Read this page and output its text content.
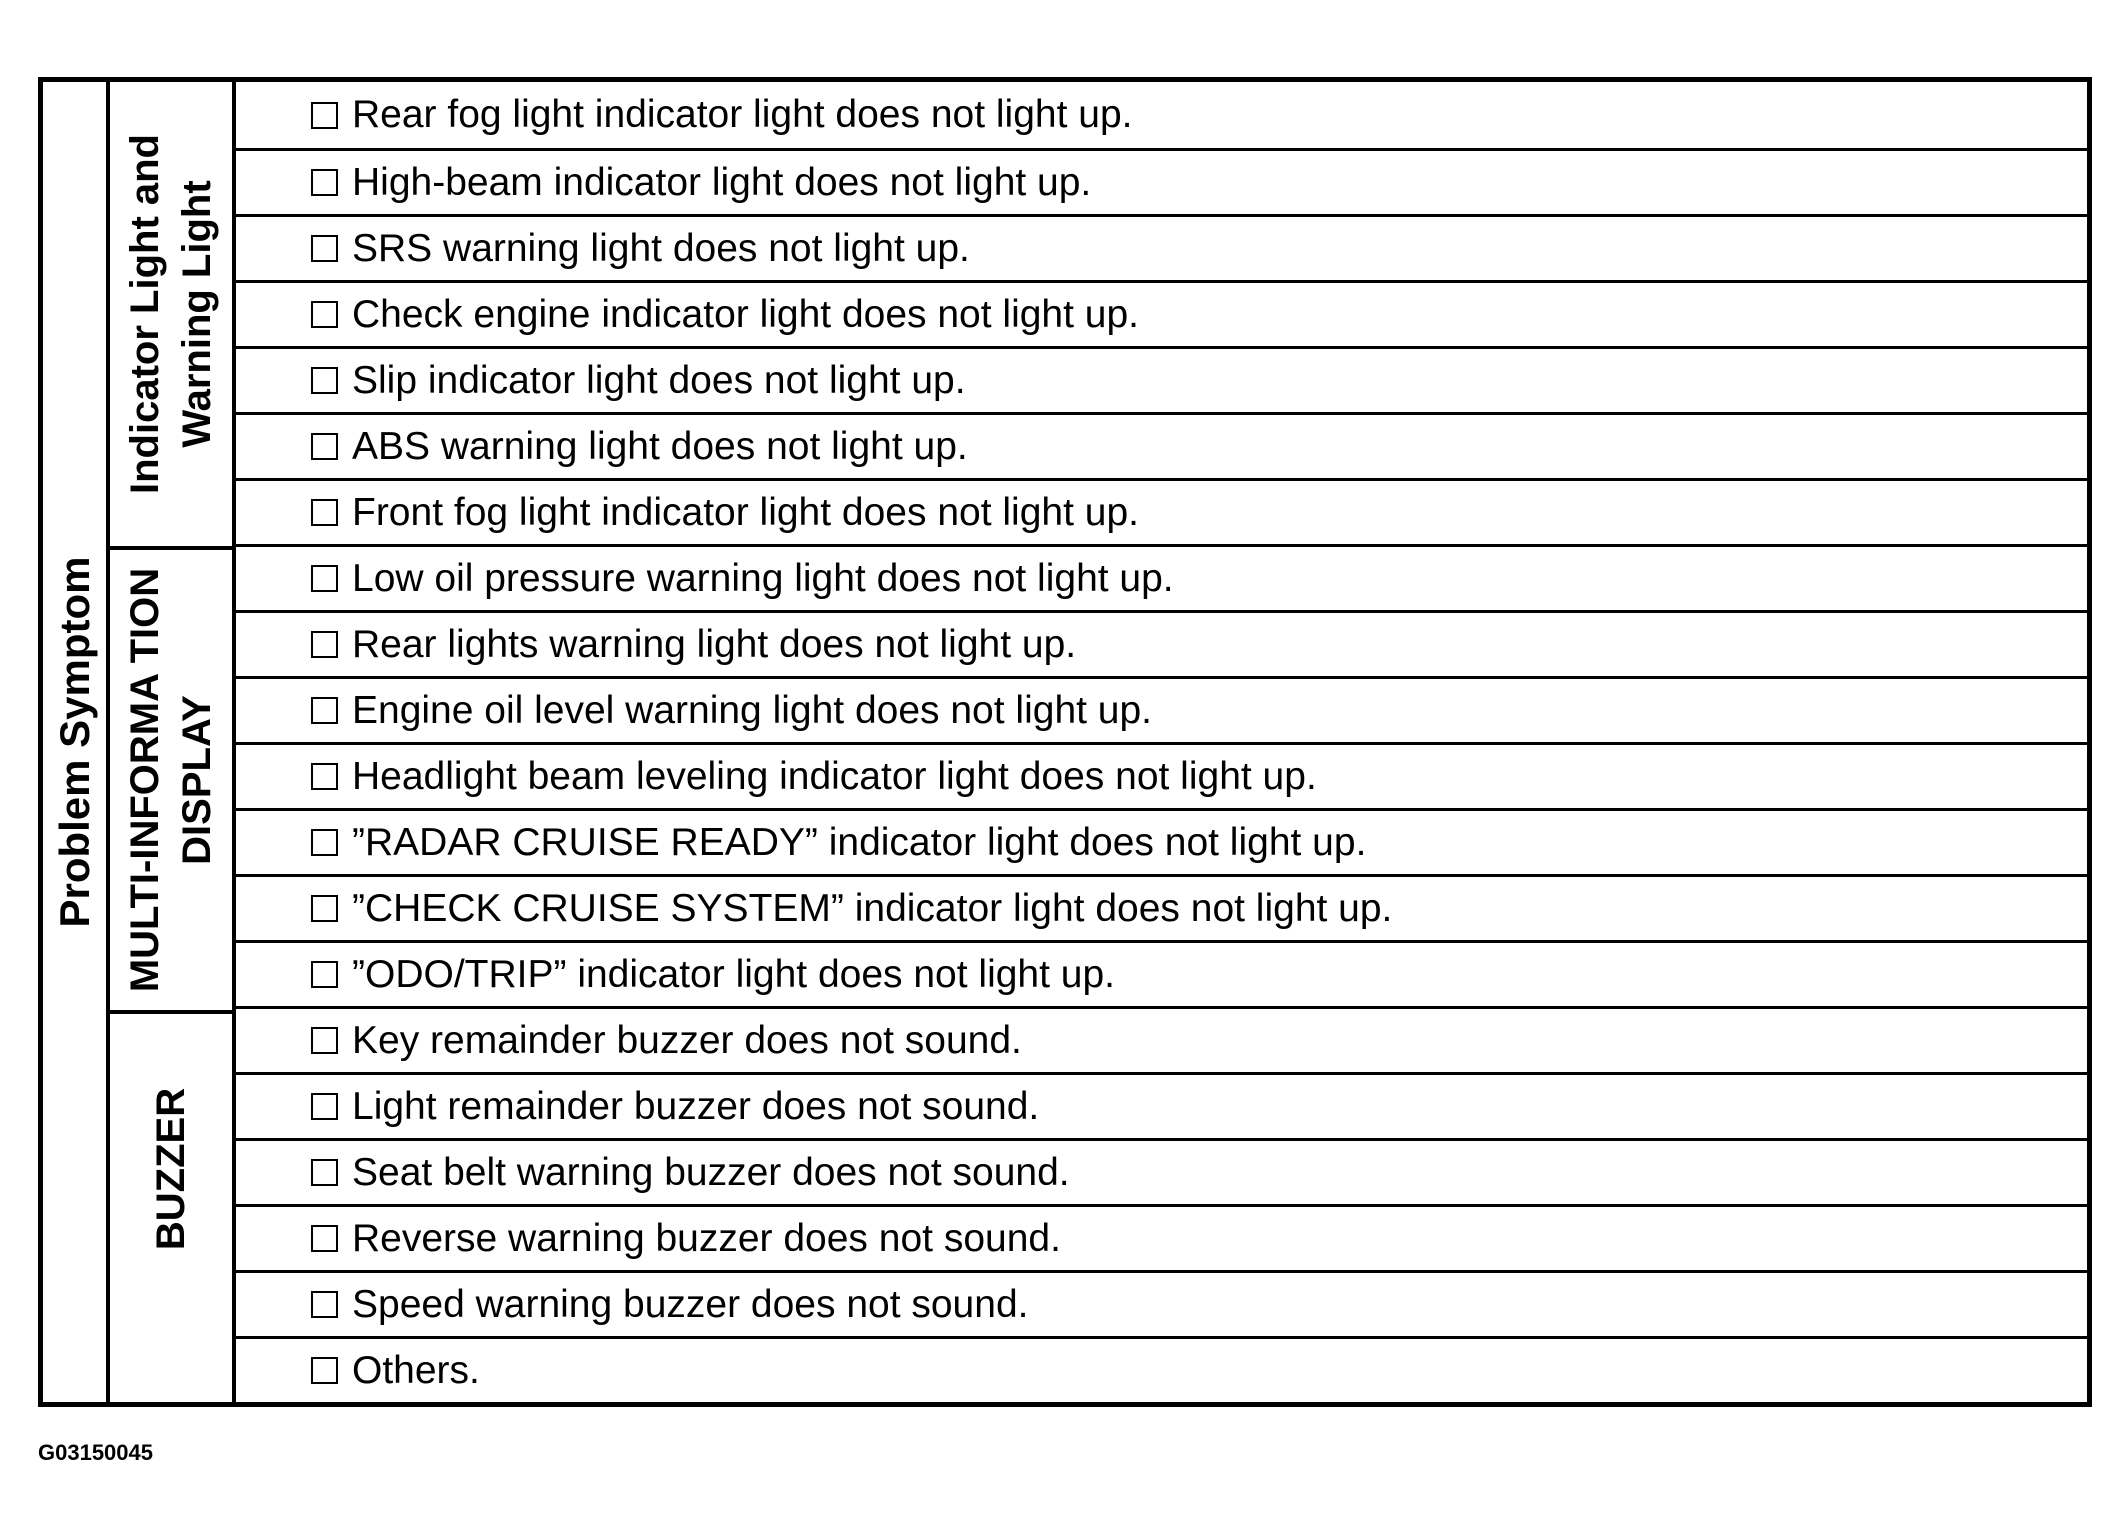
Problem Symptom
Indicator Light and Warning Light
MULTI-INFORMA TION DISPLAY
BUZZER
Rear fog light indicator light does not light up.
High-beam indicator light does not light up.
SRS warning light does not light up.
Check engine indicator light does not light up.
Slip indicator light does not light up.
ABS warning light does not light up.
Front fog light indicator light does not light up.
Low oil pressure warning light does not light up.
Rear lights warning light does not light up.
Engine oil level warning light does not light up.
Headlight beam leveling indicator light does not light up.
”RADAR CRUISE READY” indicator light does not light up.
”CHECK CRUISE SYSTEM” indicator light does not light up.
”ODO/TRIP” indicator light does not light up.
Key remainder buzzer does not sound.
Light remainder buzzer does not sound.
Seat belt warning buzzer does not sound.
Reverse warning buzzer does not sound.
Speed warning buzzer does not sound.
Others.
G03150045
